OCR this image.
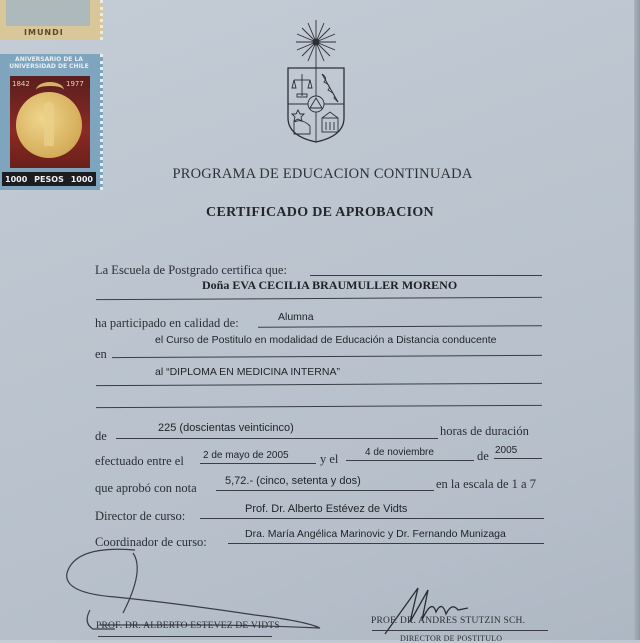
IMUNDI
ANIVERSARIO DE LA UNIVERSIDAD DE CHILE
1842	1977
1000 PESOS 1000	PROGRAMA DE EDUCACION CONTINUADA
CERTIFICADO DE APROBACION
La Escuela de Postgrado certifica que:
Doña EVA CECILIA BRAUMULLER MORENO
ha participado en calidad de:	Alumna
en
el Curso de Postitulo en modalidad de Educación a Distancia conducente
al “DIPLOMA EN MEDICINA INTERNA”
de
225 (doscientas veinticinco)	horas de duración
efectuado entre el 2 de mayo de 2005	y el	4 de noviembre	de 2005
que aprobó con nota	5,72.- (cinco, setenta y dos)	en la escala de 1 a 7
Director de curso:	Prof. Dr. Alberto Estévez de Vidts
Coordinador de curso:
Dra. María Angélica Marinovic y Dr. Fernando Munizaga
PROF. DR. ALBERTO ESTEVEZ DE VIDTS	PROF. DR. ANDRES STUTZIN SCH.
DIRECTOR DE POSTITULO
